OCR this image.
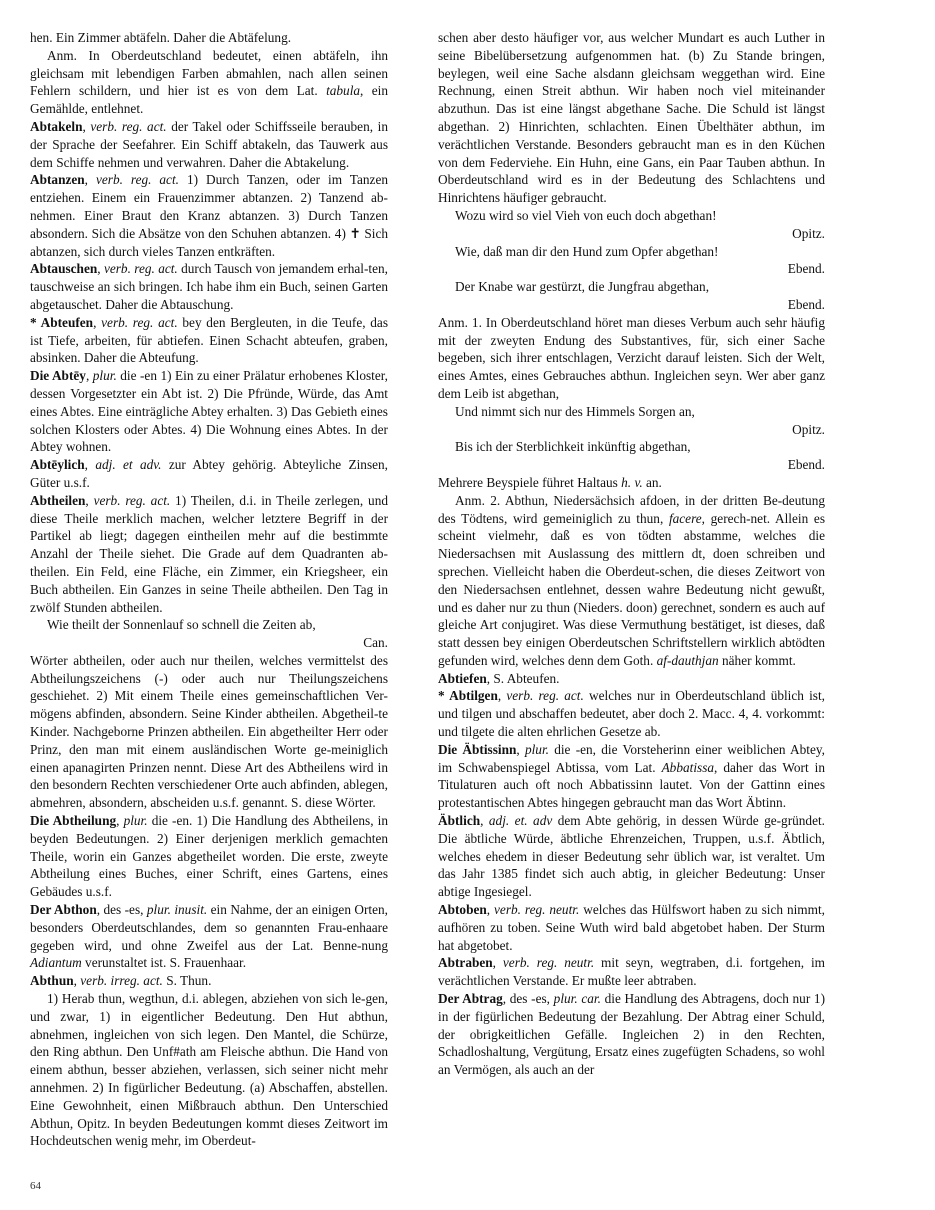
hen. Ein Zimmer abtäfeln. Daher die Abtäfelung.

Anm. In Oberdeutschland bedeutet, einen abtäfeln, ihn gleichsam mit lebendigen Farben abmahlen, nach allen seinen Fehlern schildern, und hier ist es von dem Lat. tabula, ein Gemählde, entlehnet.

Abtakeln, verb. reg. act. der Takel oder Schiffsseile berauben, in der Sprache der Seefahrer. Ein Schiff abtakeln, das Tauwerk aus dem Schiffe nehmen und verwahren. Daher die Abtakelung.

Abtanzen, verb. reg. act. 1) Durch Tanzen, oder im Tanzen entziehen. Einem ein Frauenzimmer abtanzen. 2) Tanzend ab-nehmen. Einer Braut den Kranz abtanzen. 3) Durch Tanzen absondern. Sich die Absätze von den Schuhen abtanzen. 4) ✝ Sich abtanzen, sich durch vieles Tanzen entkräften.

Abtauschen, verb. reg. act. durch Tausch von jemandem erhal-ten, tauschweise an sich bringen. Ich habe ihm ein Buch, seinen Garten abgetauschet. Daher die Abtauschung.

* Abteufen, verb. reg. act. bey den Bergleuten, in die Teufe, das ist Tiefe, arbeiten, für abtiefen. Einen Schacht abteufen, graben, absinken. Daher die Abteufung.

Die Abtēy, plur. die -en 1) Ein zu einer Prälatur erhobenes Kloster, dessen Vorgesetzter ein Abt ist. 2) Die Pfründe, Würde, das Amt eines Abtes. Eine einträgliche Abtey erhalten. 3) Das Gebieth eines solchen Klosters oder Abtes. 4) Die Wohnung eines Abtes. In der Abtey wohnen.

Abtēylich, adj. et adv. zur Abtey gehörig. Abteyliche Zinsen, Güter u.s.f.

Abtheilen, verb. reg. act. 1) Theilen, d.i. in Theile zerlegen, und diese Theile merklich machen, welcher letztere Begriff in der Partikel ab liegt; dagegen eintheilen mehr auf die bestimmte Anzahl der Theile siehet. Die Grade auf dem Quadranten ab-theilen. Ein Feld, eine Fläche, ein Zimmer, ein Kriegsheer, ein Buch abtheilen. Ein Ganzes in seine Theile abtheilen. Den Tag in zwölf Stunden abtheilen.

Wie theilt der Sonnenlauf so schnell die Zeiten ab,

Can.

Wörter abtheilen, oder auch nur theilen, welches vermittelst des Abtheilungszeichens (-) oder auch nur Theilungszeichens geschiehet. 2) Mit einem Theile eines gemeinschaftlichen Ver-mögens abfinden, absondern. Seine Kinder abtheilen. Abgetheil-te Kinder. Nachgeborne Prinzen abtheilen. Ein abgetheilter Herr oder Prinz, den man mit einem ausländischen Worte ge-meiniglich einen apanagirten Prinzen nennt. Diese Art des Abtheilens wird in den besondern Rechten verschiedener Orte auch abfinden, ablegen, abmehren, absondern, abscheiden u.s.f. genannt. S. diese Wörter.

Die Abtheilung, plur. die -en. 1) Die Handlung des Abtheilens, in beyden Bedeutungen. 2) Einer derjenigen merklich gemachten Theile, worin ein Ganzes abgetheilet worden. Die erste, zweyte Abtheilung eines Buches, einer Schrift, eines Gartens, eines Gebäudes u.s.f.

Der Abthon, des -es, plur. inusit. ein Nahme, der an einigen Orten, besonders Oberdeutschlandes, dem so genannten Frau-enhaare gegeben wird, und ohne Zweifel aus der Lat. Benne-nung Adiantum verunstaltet ist. S. Frauenhaar.

Abthun, verb. irreg. act. S. Thun.

1) Herab thun, wegthun, d.i. ablegen, abziehen von sich le-gen, und zwar, 1) in eigentlicher Bedeutung. Den Hut abthun, abnehmen, ingleichen von sich legen. Den Mantel, die Schürze, den Ring abthun. Den Unf#ath am Fleische abthun. Die Hand von einem abthun, besser abziehen, verlassen, sich seiner nicht mehr annehmen. 2) In figürlicher Bedeutung. (a) Abschaffen, abstellen. Eine Gewohnheit, einen Mißbrauch abthun. Den Unterschied Abthun, Opitz. In beyden Bedeutungen kommt dieses Zeitwort im Hochdeutschen wenig mehr, im Oberdeut-

schen aber desto häufiger vor, aus welcher Mundart es auch Luther in seine Bibelübersetzung aufgenommen hat. (b) Zu Stande bringen, beylegen, weil eine Sache alsdann gleichsam weggethan wird. Eine Rechnung, einen Streit abthun. Wir haben noch viel miteinander abzuthun. Das ist eine längst abgethane Sache. Die Schuld ist längst abgethan. 2) Hinrichten, schlachten. Einen Übelthäter abthun, im verächtlichen Verstande. Besonders gebraucht man es in den Küchen von dem Federviehe. Ein Huhn, eine Gans, ein Paar Tauben abthun. In Oberdeutschland wird es in der Bedeutung des Schlachtens und Hinrichtens häufiger gebraucht.

Wozu wird so viel Vieh von euch doch abgethan!

Opitz.

Wie, daß man dir den Hund zum Opfer abgethan!

Ebend.

Der Knabe war gestürzt, die Jungfrau abgethan,

Ebend.

Anm. 1. In Oberdeutschland höret man dieses Verbum auch sehr häufig mit der zweyten Endung des Substantives, für, sich einer Sache begeben, sich ihrer entschlagen, Verzicht darauf leisten. Sich der Welt, eines Amtes, eines Gebrauches abthun. Ingleichen seyn. Wer aber ganz dem Leib ist abgethan,

Und nimmt sich nur des Himmels Sorgen an,

Opitz.

Bis ich der Sterblichkeit inkünftig abgethan,

Ebend.

Mehrere Beyspiele führet Haltaus h. v. an.

Anm. 2. Abthun, Niedersächsich afdoen, in der dritten Be-deutung des Tödtens, wird gemeiniglich zu thun, facere, gerech-net. Allein es scheint vielmehr, daß es von tödten abstamme, welches die Niedersachsen mit Auslassung des mittlern dt, doen schreiben und sprechen. Vielleicht haben die Oberdeut-schen, die dieses Zeitwort von den Niedersachsen entlehnet, dessen wahre Bedeutung nicht gewußt, und es daher nur zu thun (Nieders. doon) gerechnet, sondern es auch auf gleiche Art conjugiret. Was diese Vermuthung bestätiget, ist dieses, daß statt dessen bey einigen Oberdeutschen Schriftstellern wirklich abtödten gefunden wird, welches denn dem Goth. af-dauthjan näher kommt.

Abtiefen, S. Abteufen.

* Abtilgen, verb. reg. act. welches nur in Oberdeutschland üblich ist, und tilgen und abschaffen bedeutet, aber doch 2. Macc. 4, 4. vorkommt: und tilgete die alten ehrlichen Gesetze ab.

Die Äbtissinn, plur. die -en, die Vorsteherinn einer weiblichen Abtey, im Schwabenspiegel Abtissa, vom Lat. Abbatissa, daher das Wort in Titulaturen auch oft noch Abbatissinn lautet. Von der Gattinn eines protestantischen Abtes hingegen gebraucht man das Wort Äbtinn.

Äbtlich, adj. et. adv dem Abte gehörig, in dessen Würde ge-gründet. Die äbtliche Würde, äbtliche Ehrenzeichen, Truppen, u.s.f. Äbtlich, welches ehedem in dieser Bedeutung sehr üblich war, ist veraltet. Um das Jahr 1385 findet sich auch abtig, in gleicher Bedeutung: Unser abtige Ingesiegel.

Abtoben, verb. reg. neutr. welches das Hülfswort haben zu sich nimmt, aufhören zu toben. Seine Wuth wird bald abgetobet haben. Der Sturm hat abgetobet.

Abtraben, verb. reg. neutr. mit seyn, wegtraben, d.i. fortgehen, im verächtlichen Verstande. Er mußte leer abtraben.

Der Abtrag, des -es, plur. car. die Handlung des Abtragens, doch nur 1) in der figürlichen Bedeutung der Bezahlung. Der Abtrag einer Schuld, der obrigkeitlichen Gefälle. Ingleichen 2) in den Rechten, Schadloshaltung, Vergütung, Ersatz eines zugefügten Schadens, so wohl an Vermögen, als auch an der

64
